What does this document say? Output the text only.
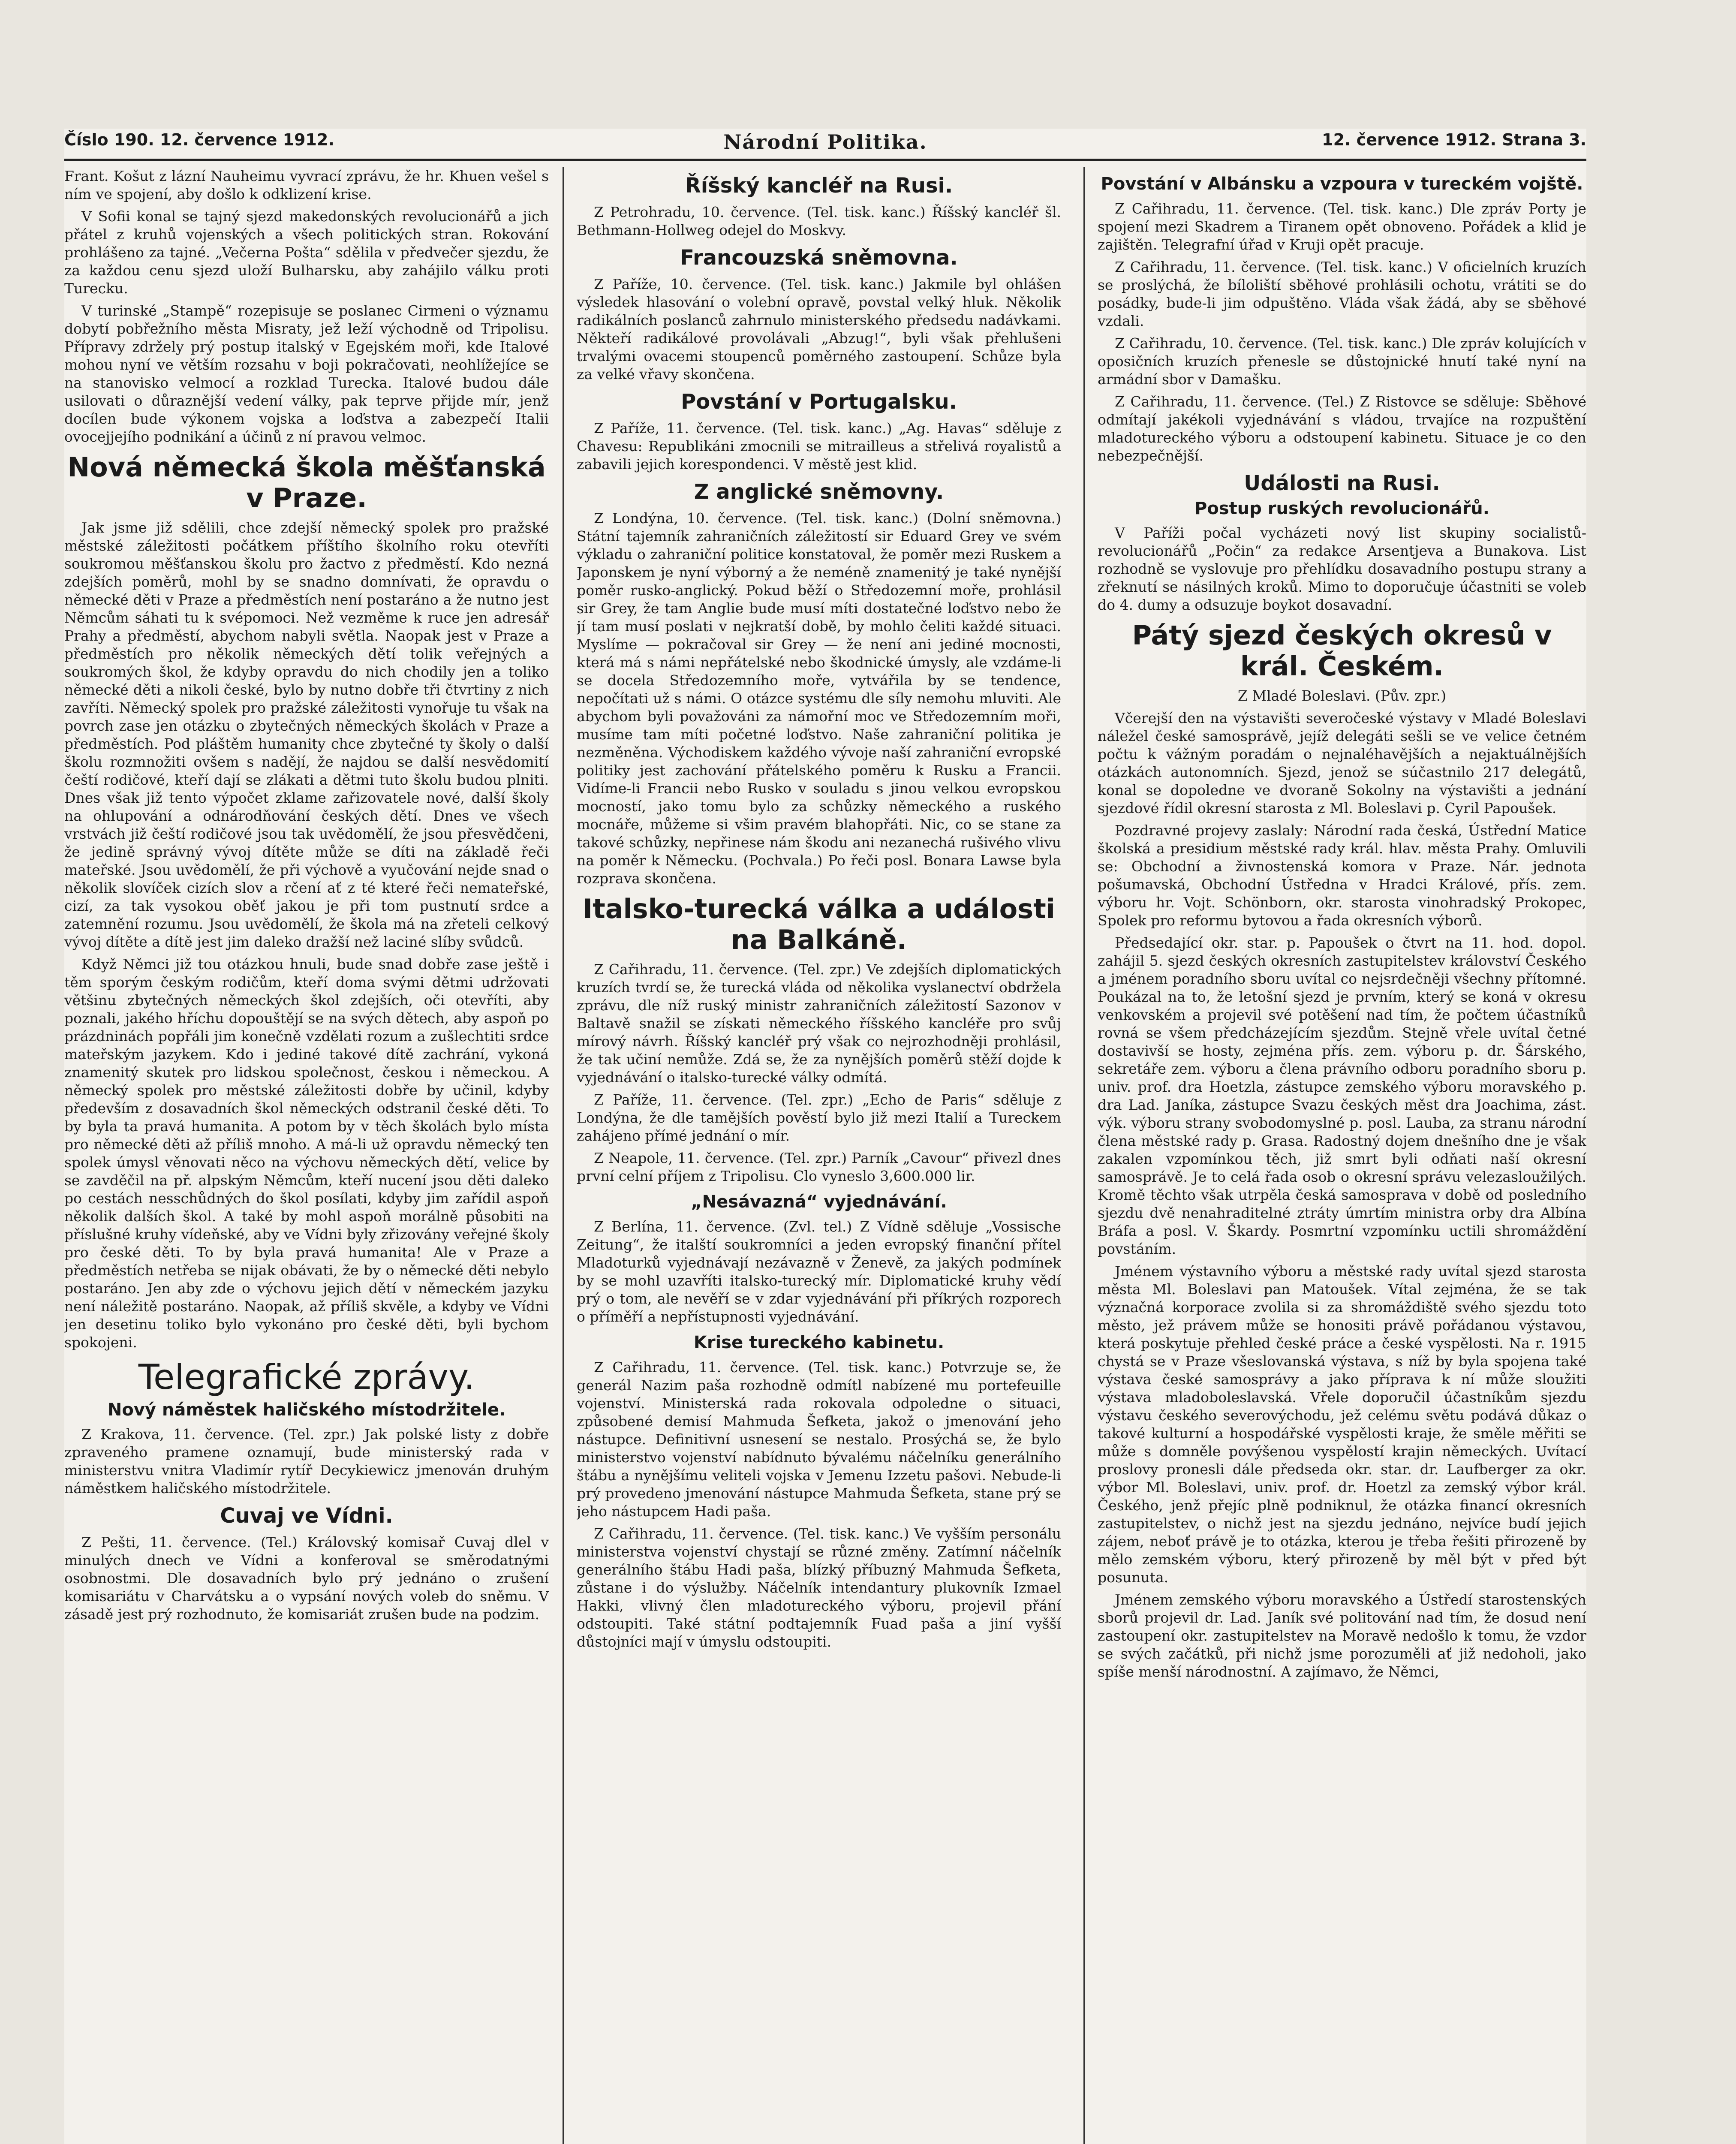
Číslo 190. 12. července 1912.	Národní Politika.	12. července 1912. Strana 3.

Frant. Košut z lázní Nauheimu vyvrací zprávu, že hr. Khuen vešel s ním ve spojení, aby došlo k odklizení krise.

V Sofii konal se tajný sjezd makedonských revolucionářů a jich přátel z kruhů vojenských a všech politických stran. Rokování prohlášeno za tajné. „Večerna Pošta“ sdělila v předvečer sjezdu, že za každou cenu sjezd uloží Bulharsku, aby zahájilo válku proti Turecku.

V turinské „Stampě“ rozepisuje se poslanec Cirmeni o významu dobytí pobřežního města Misraty, jež leží východně od Tripolisu. Přípravy zdržely prý postup italský v Egejském moři, kde Italové mohou nyní ve větším rozsahu v boji pokračovati, neohlížejíce se na stanovisko velmocí a rozklad Turecka. Italové budou dále usilovati o důraznější vedení války, pak teprve přijde mír, jenž docílen bude výkonem vojska a loďstva a zabezpečí Italii ovocejjejího podnikání a účinů z ní pravou velmoc.

Nová německá škola měšťanská v Praze.

Jak jsme již sdělili, chce zdejší německý spolek pro pražské městské záležitosti počátkem příštího školního roku otevříti soukromou měšťanskou školu pro žactvo z předměstí. Kdo nezná zdejších poměrů, mohl by se snadno domnívati, že opravdu o německé děti v Praze a předměstích není postaráno a že nutno jest Němcům sáhati tu k svépomoci. Než vezměme k ruce jen adresář Prahy a předměstí, abychom nabyli světla. Naopak jest v Praze a předměstích pro několik německých dětí tolik veřejných a soukromých škol, že kdyby opravdu do nich chodily jen a toliko německé děti a nikoli české, bylo by nutno dobře tři čtvrtiny z nich zavříti. Německý spolek pro pražské záležitosti vynořuje tu však na povrch zase jen otázku o zbytečných německých školách v Praze a předměstích. Pod pláštěm humanity chce zbytečné ty školy o další školu rozmnožiti ovšem s nadějí, že najdou se další nesvědomití čeští rodičové, kteří dají se zlákati a dětmi tuto školu budou plniti. Dnes však již tento výpočet zklame zařizovatele nové, další školy na ohlupování a odnárodňování českých dětí. Dnes ve všech vrstvách již čeští rodičové jsou tak uvědomělí, že jsou přesvědčeni, že jedině správný vývoj dítěte může se díti na základě řeči mateřské. Jsou uvědomělí, že při výchově a vyučování nejde snad o několik slovíček cizích slov a rčení ať z té které řeči nemateřské, cizí, za tak vysokou oběť jakou je při tom pustnutí srdce a zatemnění rozumu. Jsou uvědomělí, že škola má na zřeteli celkový vývoj dítěte a dítě jest jim daleko dražší než laciné slíby svůdců.

Když Němci již tou otázkou hnuli, bude snad dobře zase ještě i těm sporým českým rodičům, kteří doma svými dětmi udržovati většinu zbytečných německých škol zdejších, oči otevříti, aby poznali, jakého hříchu dopouštějí se na svých dětech, aby aspoň po prázdninách popřáli jim konečně vzdělati rozum a zušlechtiti srdce mateřským jazykem. Kdo i jediné takové dítě zachrání, vykoná znamenitý skutek pro lidskou společnost, českou i německou. A německý spolek pro městské záležitosti dobře by učinil, kdyby především z dosavadních škol německých odstranil české děti. To by byla ta pravá humanita. A potom by v těch školách bylo místa pro německé děti až příliš mnoho. A má-li už opravdu německý ten spolek úmysl věnovati něco na výchovu německých dětí, velice by se zavděčil na př. alpským Němcům, kteří nucení jsou děti daleko po cestách nesschůdných do škol posílati, kdyby jim zařídil aspoň několik dalších škol. A také by mohl aspoň morálně působiti na příslušné kruhy vídeňské, aby ve Vídni byly zřizovány veřejné školy pro české děti. To by byla pravá humanita! Ale v Praze a předměstích netřeba se nijak obávati, že by o německé děti nebylo postaráno. Jen aby zde o výchovu jejich dětí v německém jazyku není náležitě postaráno. Naopak, až příliš skvěle, a kdyby ve Vídni jen desetinu toliko bylo vykonáno pro české děti, byli bychom spokojeni.

Telegrafické zprávy.
Nový náměstek haličského místodržitele.

Z Krakova, 11. července. (Tel. zpr.) Jak polské listy z dobře zpraveného pramene oznamují, bude ministerský rada v ministerstvu vnitra Vladimír rytíř Decykiewicz jmenován druhým náměstkem haličského místodržitele.

Cuvaj ve Vídni.

Z Pešti, 11. července. (Tel.) Královský komisař Cuvaj dlel v minulých dnech ve Vídni a konferoval se směrodatnými osobnostmi. Dle dosavadních bylo prý jednáno o zrušení komisariátu v Charvátsku a o vypsání nových voleb do sněmu. V zásadě jest prý rozhodnuto, že komisariát zrušen bude na podzim.

Říšský kancléř na Rusi.

Z Petrohradu, 10. července. (Tel. tisk. kanc.) Říšský kancléř šl. Bethmann-Hollweg odejel do Moskvy.

Francouzská sněmovna.

Z Paříže, 10. července. (Tel. tisk. kanc.) Jakmile byl ohlášen výsledek hlasování o volební opravě, povstal velký hluk. Několik radikálních poslanců zahrnulo ministerského předsedu nadávkami. Někteří radikálové provolávali „Abzug!“, byli však přehlušeni trvalými ovacemi stoupenců poměrného zastoupení. Schůze byla za velké vřavy skončena.

Povstání v Portugalsku.

Z Paříže, 11. července. (Tel. tisk. kanc.) „Ag. Havas“ sděluje z Chavesu: Republikáni zmocnili se mitrailleus a střelivá royalistů a zabavili jejich korespondenci. V městě jest klid.

Z anglické sněmovny.

Z Londýna, 10. července. (Tel. tisk. kanc.) (Dolní sněmovna.) Státní tajemník zahraničních záležitostí sir Eduard Grey ve svém výkladu o zahraniční politice konstatoval, že poměr mezi Ruskem a Japonskem je nyní výborný a že neméně znamenitý je také nynější poměr rusko-anglický. Pokud běží o Středozemní moře, prohlásil sir Grey, že tam Anglie bude musí míti dostatečné loďstvo nebo že jí tam musí poslati v nejkratší době, by mohlo čeliti každé situaci. Myslíme — pokračoval sir Grey — že není ani jediné mocnosti, která má s námi nepřátelské nebo škodnické úmysly, ale vzdáme-li se docela Středozemního moře, vytvářila by se tendence, nepočítati už s námi. O otázce systému dle síly nemohu mluviti. Ale abychom byli považováni za námořní moc ve Středozemním moři, musíme tam míti početné loďstvo. Naše zahraniční politika je nezměněna. Východiskem každého vývoje naší zahraniční evropské politiky jest zachování přátelského poměru k Rusku a Francii. Vidíme-li Francii nebo Rusko v souladu s jinou velkou evropskou mocností, jako tomu bylo za schůzky německého a ruského mocnáře, můžeme si všim pravém blahopřáti. Nic, co se stane za takové schůzky, nepřinese nám škodu ani nezanechá rušivého vlivu na poměr k Německu. (Pochvala.) Po řeči posl. Bonara Lawse byla rozprava skončena.

Italsko-turecká válka a události na Balkáně.

Z Cařihradu, 11. července. (Tel. zpr.) Ve zdejších diplomatických kruzích tvrdí se, že turecká vláda od několika vyslanectví obdržela zprávu, dle níž ruský ministr zahraničních záležitostí Sazonov v Baltavě snažil se získati německého říšského kancléře pro svůj mírový návrh. Říšský kancléř prý však co nejrozhodněji prohlásil, že tak učiní nemůže. Zdá se, že za nynějších poměrů stěží dojde k vyjednávání o italsko-turecké války odmítá.

Z Paříže, 11. července. (Tel. zpr.) „Echo de Paris“ sděluje z Londýna, že dle tamějších pověstí bylo již mezi Italií a Tureckem zahájeno přímé jednání o mír.

Z Neapole, 11. července. (Tel. zpr.) Parník „Cavour“ přivezl dnes první celní příjem z Tripolisu. Clo vyneslo 3,600.000 lir.

„Nesávazná“ vyjednávání.

Z Berlína, 11. července. (Zvl. tel.) Z Vídně sděluje „Vossische Zeitung“, že italští soukromníci a jeden evropský finanční přítel Mladoturků vyjednávají nezávazně v Ženevě, za jakých podmínek by se mohl uzavříti italsko-turecký mír. Diplomatické kruhy vědí prý o tom, ale nevěří se v zdar vyjednávání při příkrých rozporech o příměří a nepřístupnosti vyjednávání.

Krise tureckého kabinetu.

Z Cařihradu, 11. července. (Tel. tisk. kanc.) Potvrzuje se, že generál Nazim paša rozhodně odmítl nabízené mu portefeuille vojenství. Ministerská rada rokovala odpoledne o situaci, způsobené demisí Mahmuda Šefketa, jakož o jmenování jeho nástupce. Definitivní usnesení se nestalo. Prosýchá se, že bylo ministerstvo vojenství nabídnuto bývalému náčelníku generálního štábu a nynějšímu veliteli vojska v Jemenu Izzetu pašovi. Nebude-li prý provedeno jmenování nástupce Mahmuda Šefketa, stane prý se jeho nástupcem Hadi paša.

Z Cařihradu, 11. července. (Tel. tisk. kanc.) Ve vyšším personálu ministerstva vojenství chystají se různé změny. Zatímní náčelník generálního štábu Hadi paša, blízký příbuzný Mahmuda Šefketa, zůstane i do výslužby. Náčelník intendantury plukovník Izmael Hakki, vlivný člen mladotureckého výboru, projevil přání odstoupiti. Také státní podtajemník Fuad paša a jiní vyšší důstojníci mají v úmyslu odstoupiti.

Povstání v Albánsku a vzpoura v tureckém vojště.

Z Cařihradu, 11. července. (Tel. tisk. kanc.) Dle zpráv Porty je spojení mezi Skadrem a Tiranem opět obnoveno. Pořádek a klid je zajištěn. Telegrafní úřad v Kruji opět pracuje.

Z Cařihradu, 11. července. (Tel. tisk. kanc.) V oficielních kruzích se proslýchá, že bíloliští sběhové prohlásili ochotu, vrátiti se do posádky, bude-li jim odpuštěno. Vláda však žádá, aby se sběhové vzdali.

Z Cařihradu, 10. července. (Tel. tisk. kanc.) Dle zpráv kolujících v oposičních kruzích přenesle se důstojnické hnutí také nyní na armádní sbor v Damašku.

Z Cařihradu, 11. července. (Tel.) Z Ristovce se sděluje: Sběhové odmítají jakékoli vyjednávání s vládou, trvajíce na rozpuštění mladotureckého výboru a odstoupení kabinetu. Situace je co den nebezpečnější.

Události na Rusi.
Postup ruských revolucionářů.

V Paříži počal vycházeti nový list skupiny socialistů-revolucionářů „Počin“ za redakce Arsentjeva a Bunakova. List rozhodně se vyslovuje pro přehlídku dosavadního postupu strany a zřeknutí se násilných kroků. Mimo to doporučuje účastniti se voleb do 4. dumy a odsuzuje boykot dosavadní.

Pátý sjezd českých okresů v král. Českém.

Z Mladé Boleslavi. (Pův. zpr.)

Včerejší den na výstavišti severočeské výstavy v Mladé Boleslavi náležel české samosprávě, jejíž delegáti sešli se ve velice četném počtu k vážným poradám o nejnaléhavějších a nejaktuálnějších otázkách autonomních. Sjezd, jenož se súčastnilo 217 delegátů, konal se dopoledne ve dvoraně Sokolny na výstavišti a jednání sjezdové řídil okresní starosta z Ml. Boleslavi p. Cyril Papoušek.

Pozdravné projevy zaslaly: Národní rada česká, Ústřední Matice školská a presidium městské rady král. hlav. města Prahy. Omluvili se: Obchodní a živnostenská komora v Praze. Nár. jednota pošumavská, Obchodní Ústředna v Hradci Králové, přís. zem. výboru hr. Vojt. Schönborn, okr. starosta vinohradský Prokopec, Spolek pro reformu bytovou a řada okresních výborů.

Předsedající okr. star. p. Papoušek o čtvrt na 11. hod. dopol. zahájil 5. sjezd českých okresních zastupitelstev království Českého a jménem poradního sboru uvítal co nejsrdečněji všechny přítomné. Poukázal na to, že letošní sjezd je prvním, který se koná v okresu venkovském a projevil své potěšení nad tím, že počtem účastníků rovná se všem předcházejícím sjezdům. Stejně vřele uvítal četné dostavivší se hosty, zejména přís. zem. výboru p. dr. Šárského, sekretáře zem. výboru a člena právního odboru poradního sboru p. univ. prof. dra Hoetzla, zástupce zemského výboru moravského p. dra Lad. Janíka, zástupce Svazu českých měst dra Joachima, zást. výk. výboru strany svobodomyslné p. posl. Lauba, za stranu národní člena městské rady p. Grasa. Radostný dojem dnešního dne je však zakalen vzpomínkou těch, již smrt byli odňati naší okresní samosprávě. Je to celá řada osob o okresní správu velezasloužilých. Kromě těchto však utrpěla česká samosprava v době od posledního sjezdu dvě nenahraditelné ztráty úmrtím ministra orby dra Albína Bráfa a posl. V. Škardy. Posmrtní vzpomínku uctili shromáždění povstáním.

Jménem výstavního výboru a městské rady uvítal sjezd starosta města Ml. Boleslavi pan Matoušek. Vítal zejména, že se tak význačná korporace zvolila si za shromáždiště svého sjezdu toto město, jež právem může se honositi právě pořádanou výstavou, která poskytuje přehled české práce a české vyspělosti. Na r. 1915 chystá se v Praze všeslovanská výstava, s níž by byla spojena také výstava české samosprávy a jako příprava k ní může sloužiti výstava mladoboleslavská. Vřele doporučil účastníkům sjezdu výstavu českého severovýchodu, jež celému světu podává důkaz o takové kulturní a hospodářské vyspělosti kraje, že směle měřiti se může s domněle povýšenou vyspělostí krajin německých. Uvítací proslovy pronesli dále předseda okr. star. dr. Laufberger za okr. výbor Ml. Boleslavi, univ. prof. dr. Hoetzl za zemský výbor král. Českého, jenž přejíc plně podniknul, že otázka financí okresních zastupitelstev, o nichž jest na sjezdu jednáno, nejvíce budí jejich zájem, neboť právě je to otázka, kterou je třeba řešiti přirozeně by mělo zemském výboru, který přirozeně by měl být v před být posunuta.

Jménem zemského výboru moravského a Ústředí starostenských sborů projevil dr. Lad. Janík své politování nad tím, že dosud není zastoupení okr. zastupitelstev na Moravě nedošlo k tomu, že vzdor se svých začátků, při nichž jsme porozuměli ať již nedoholi, jako spíše menší národnostní. A zajímavo, že Němci,
